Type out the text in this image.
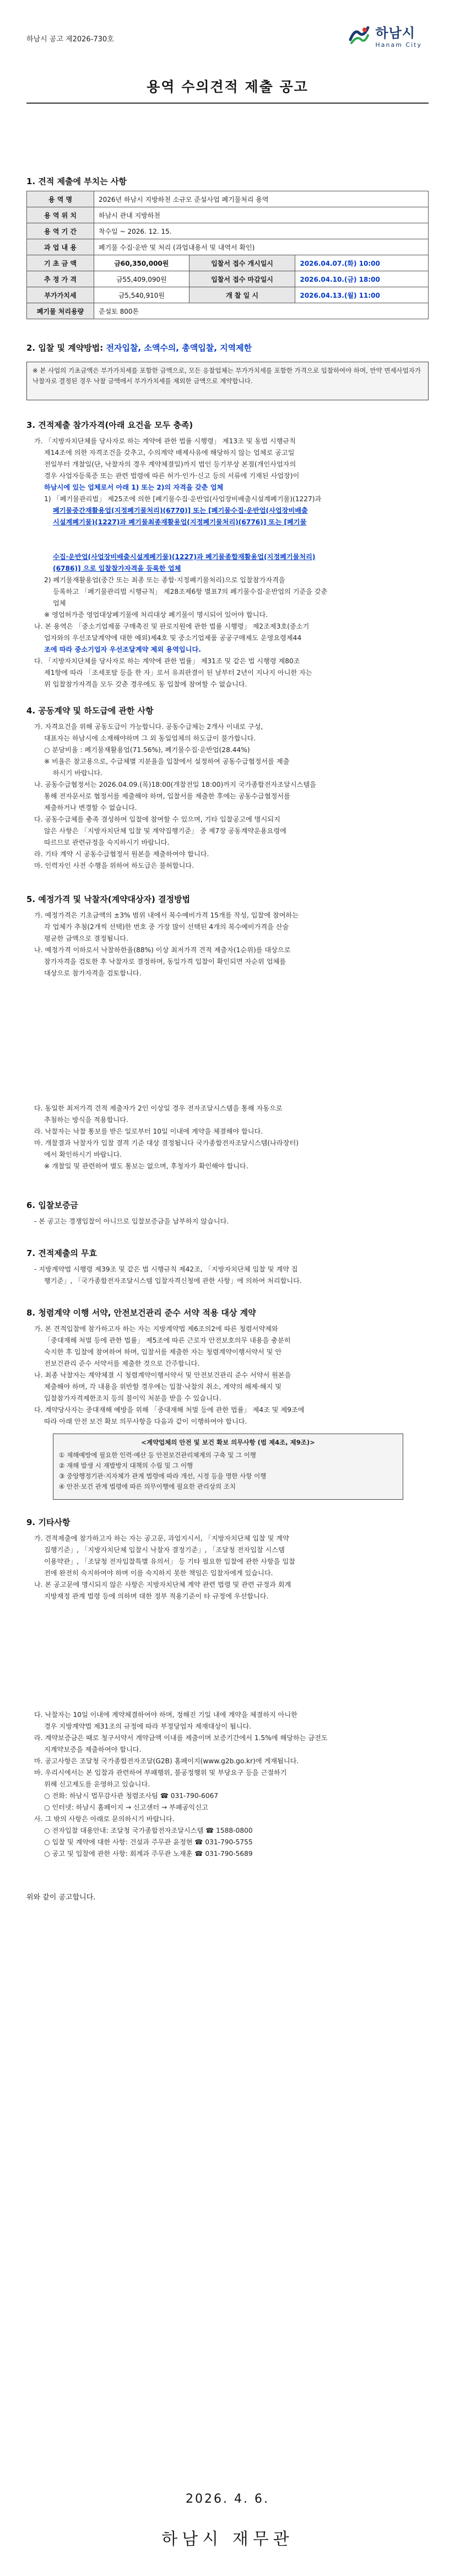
하남시 공고 제2026-730호	하남시
Hanam City
용역 수의견적 제출 공고
1. 견적 제출에 부치는 사항
용 역 명	2026년 하남시 지방하천 소규모 준설사업 폐기물처리 용역		
용 역 위 치	하남시 관내 지방하천		
용 역 기 간	착수일 ~ 2026. 12. 15.		
과 업 내 용	폐기물 수집·운반 및 처리 (과업내용서 및 내역서 확인)		
기 초 금 액	금60,350,000원	입찰서 접수 개시일시	2026.04.07.(화) 10:00
추 정 가 격	금55,409,090원	입찰서 접수 마감일시	2026.04.10.(금) 18:00
부가가치세	금5,540,910원	개 찰 일 시	2026.04.13.(월) 11:00
폐기물 처리용량	준설토 800톤		
2. 입찰 및 계약방법: 전자입찰, 소액수의, 총액입찰, 지역제한
※ 본 사업의 기초금액은 부가가치세를 포함한 금액으로, 모든 응찰업체는 부가가치세를 포함한 가격으로 입찰하여야 하며, 만약 면세사업자가 낙찰자로 결정된 경우 낙찰 금액에서 부가가치세를 제외한 금액으로 계약합니다.
3. 견적제출 참가자격(아래 요건을 모두 충족)

가. 「지방자치단체를 당사자로 하는 계약에 관한 법률 시행령」 제13조 및 동법 시행규칙

제14조에 의한 자격조건을 갖추고, 수의계약 배제사유에 해당하지 않는 업체로 공고일

전일부터 개찰일(단, 낙찰자의 경우 계약체결일)까지 법인 등기부상 본점(개인사업자의

경우 사업자등록증 또는 관련 법령에 따른 허가·인가·신고 등의 서류에 기재된 사업장)이

하남시에 있는 업체로서 아래 1) 또는 2)의 자격을 갖춘 업체

1) 「폐기물관리법」 제25조에 의한 [폐기물수집·운반업(사업장비배출시설계폐기물)(1227)과

폐기물중간재활용업(지정폐기물처리)(6770)] 또는 [폐기물수집·운반업(사업장비배출

시설계폐기물)(1227)과 폐기물최종재활용업(지정폐기물처리)(6776)] 또는 [폐기물

수집·운반업(사업장비배출시설계폐기물)(1227)과 폐기물종합재활용업(지정폐기물처리)

(6786)] 으로 입찰참가자격을 등록한 업체

2) 폐기물재활용업(중간 또는 최종 또는 종합·지정폐기물처리)으로 입찰참가자격을

등록하고 「폐기물관리법 시행규칙」 제28조제6항 별표7의 폐기물수집·운반업의 기준을 갖춘

업체

※ 영업허가증 영업대상폐기물에 처리대상 폐기물이 명시되어 있어야 합니다.

나. 본 용역은 「중소기업제품 구매촉진 및 판로지원에 관한 법률 시행령」 제2조제3호(중소기

업자와의 우선조달계약에 대한 예외)제4호 및 중소기업제품 공공구매제도 운영요령제44

조에 따라 중소기업자 우선조달계약 제외 용역입니다.

다. 「지방자치단체를 당사자로 하는 계약에 관한 법률」 제31조 및 같은 법 시행령 제80조

제1항에 따라 「조세포탈 등을 한 자」로서 유죄판결이 된 날부터 2년이 지나지 아니한 자는

위 입찰참가자격을 모두 갖춘 경우에도 동 입찰에 참여할 수 없습니다.

4. 공동계약 및 하도급에 관한 사항

가. 자격요건을 위해 공동도급이 가능합니다. 공동수급체는 2개사 이내로 구성,

대표자는 하남시에 소재해야하며 그 외 동일업체의 하도급이 불가합니다.

○ 분담비율 : 폐기물재활용업(71.56%), 폐기물수집·운반업(28.44%)

※ 비율은 참고용으로, 수급체별 지분율을 입찰에서 설정하여 공동수급협정서를 제출

하시기 바랍니다.

나. 공동수급협정서는 2026.04.09.(목)18:00(개찰전일 18:00)까지 국가종합전자조달시스템을

통해 전자문서로 협정서를 제출해야 하며, 입찰서를 제출한 후에는 공동수급협정서를

제출하거나 변경할 수 없습니다.

다. 공동수급체를 충족 결성하여 입찰에 참여할 수 있으며, 기타 입찰공고에 명시되지

않은 사항은 「지방자치단체 입찰 및 계약집행기준」 중 제7장 공동계약운용요령에

따르므로 관련규정을 숙지하시기 바랍니다.

라. 기타 계약 시 공동수급협정서 원본을 제출하여야 합니다.

마. 인력자인 사전 수행을 위하여 하도급은 불허합니다.

5. 예정가격 및 낙찰자(계약대상자) 결정방법

가. 예정가격은 기초금액의 ±3% 범위 내에서 복수예비가격 15개를 작성, 입찰에 참여하는

각 업체가 추첨(2개씩 선택)한 번호 중 가장 많이 선택된 4개의 복수예비가격을 산술

평균한 금액으로 결정됩니다.

나. 예정가격 이하로서 낙찰하한율(88%) 이상 최저가격 견적 제출자(1순위)를 대상으로

참가자격을 검토한 후 낙찰자로 결정하며, 동일가격 입찰이 확인되면 자순위 업체를

대상으로 참가자격을 검토합니다.

다. 동일한 최저가격 견적 제출자가 2인 이상일 경우 전자조달시스템을 통해 자동으로

추첨하는 방식을 적용합니다.

라. 낙찰자는 낙찰 통보를 받은 일로부터 10일 이내에 계약을 체결해야 합니다.

마. 개찰결과 낙찰자가 입찰 결격 기준 대상 결정됩니다 국가종합전자조달시스템(나라장터)

에서 확인하시기 바랍니다.

※ 개찰일 및 관련하여 별도 통보는 없으며, 후청자가 확인해야 합니다.

6. 입찰보증금

- 본 공고는 경쟁입찰이 아니므로 입찰보증금을 납부하지 않습니다.

7. 견적제출의 무효

- 지방계약법 시행령 제39조 및 같은 법 시행규칙 제42조, 「지방자치단체 입찰 및 계약 집

행기준」, 「국가종합전자조달시스템 입찰자격신청에 관한 사항」에 의하여 처리합니다.

8. 청렴계약 이행 서약, 안전보건관리 준수 서약 적용 대상 계약

가. 본 견적입찰에 참가하고자 하는 자는 지방계약법 제6조의2에 따른 청렴서약제와

「중대재해 처벌 등에 관한 법률」 제5조에 따른 근로자 안전보호의무 내용을 충분히

숙지한 후 입찰에 참여하여 하며, 입찰서를 제출한 자는 청렴계약이행서약서 및 안

전보건관리 준수 서약서를 제출한 것으로 간주합니다.

나. 최종 낙찰자는 계약체결 시 청렴계약이행서약서 및 안전보건관리 준수 서약서 원본을

제출해야 하며, 각 내용을 위반할 경우에는 입찰·낙찰의 취소, 계약의 해제·해지 및

입찰참가자격제한조치 등의 불이익 처분을 받을 수 있습니다.

다. 계약당사자는 중대재해 예방을 위해 「중대재해 처벌 등에 관한 법률」 제4조 및 제9조에

따라 아래 안전 보건 확보 의무사항을 다음과 같이 이행하여야 합니다.

<계약업체의 안전 및 보건 확보 의무사항 (법 제4조, 제9조)>
① 재해예방에 필요한 인력·예산 등 안전보건관리체계의 구축 및 그 이행
② 재해 발생 시 재발방지 대책의 수립 및 그 이행
③ 중앙행정기관·지자체가 관계 법령에 따라 개선, 시정 등을 명한 사항 이행
④ 안전·보건 관계 법령에 따른 의무이행에 필요한 관리상의 조치
9. 기타사항

가. 견적제출에 참가하고자 하는 자는 공고문, 과업지시서, 「지방자치단체 입찰 및 계약

집행기준」, 「지방자치단체 입찰시 낙찰자 결정기준」, 「조달청 전자입찰 시스템

이용약관」, 「조달청 전자입찰특별 유의서」 등 기타 필요한 입찰에 관한 사항을 입찰

전에 완전히 숙지하여야 하며 이를 숙지하지 못한 책임은 입찰자에게 있습니다.

나. 본 공고문에 명시되지 않은 사항은 지방자치단체 계약 관련 법령 및 관련 규정과 회계

지방재정 관계 법령 등에 의하며 대한 정부 적용기준이 타 규정에 우선합니다.

다. 낙찰자는 10일 이내에 계약체결하여야 하며, 정해진 기일 내에 계약을 체결하지 아니한

경우 지방계약법 제31조의 규정에 따라 부정당업자 제재대상이 됩니다.

라. 계약보증금은 때로 청구서약서 계약금액 이내를 제출이며 보증기간에서 1.5%에 해당하는 금전도

지계약보증을 제출하여야 합니다.

마. 공고사항은 조달청 국가종합전자조달(G2B) 홈페이지(www.g2b.go.kr)에 게재됩니다.

바. 우리시에서는 본 입찰과 관련하여 부패행위, 불공정행위 및 부당요구 등을 근절하기

위해 신고제도를 운영하고 있습니다.

○ 전화: 하남시 법무감사관 청렴조사팀 ☎ 031-790-6067

○ 인터넷: 하남시 홈페이지 → 신고센터 → 부패공익신고

사. 그 밖의 사항은 아래로 문의하시기 바랍니다.

○ 전자입찰 대용안내: 조달청 국가종합전자조달시스템 ☎ 1588-0800

○ 입찰 및 계약에 대한 사항: 건설과 주무관 윤정현 ☎ 031-790-5755

○ 공고 및 입찰에 관한 사항: 회계과 주무관 노재훈 ☎ 031-790-5689

위와 같이 공고합니다.
2026. 4. 6.
하남시 재무관
